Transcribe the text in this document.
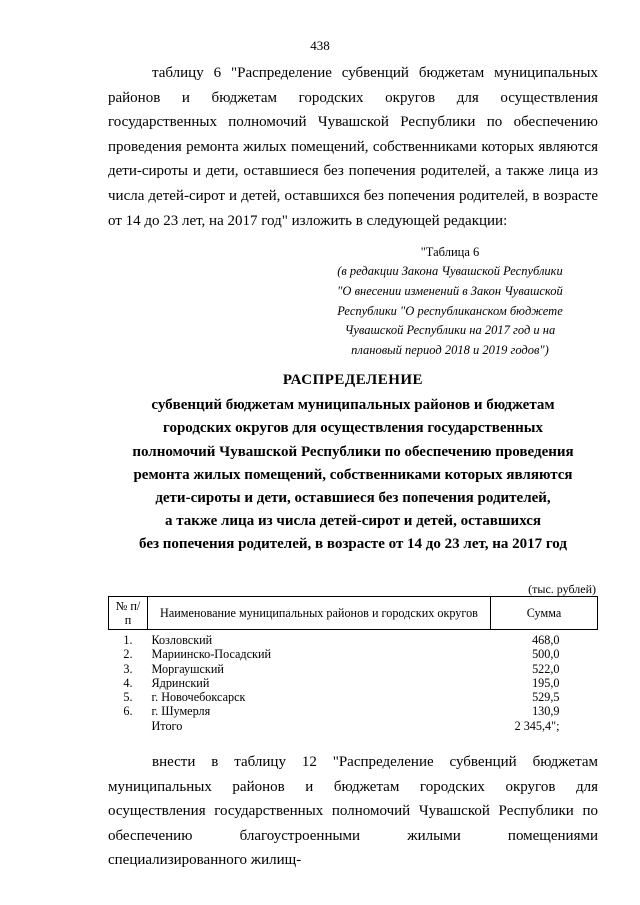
438
таблицу 6 "Распределение субвенций бюджетам муниципальных районов и бюджетам городских округов для осуществления государственных полномочий Чувашской Республики по обеспечению проведения ремонта жилых помещений, собственниками которых являются дети-сироты и дети, оставшиеся без попечения родителей, а также лица из числа детей-сирот и детей, оставшихся без попечения родителей, в возрасте от 14 до 23 лет, на 2017 год" изложить в следующей редакции:
"Таблица 6
(в редакции Закона Чувашской Республики
"О внесении изменений в Закон Чувашской
Республики "О республиканском бюджете
Чувашской Республики на 2017 год и на
плановый период 2018 и 2019 годов")
РАСПРЕДЕЛЕНИЕ
субвенций бюджетам муниципальных районов и бюджетам
городских округов для осуществления государственных
полномочий Чувашской Республики по обеспечению проведения
ремонта жилых помещений, собственниками которых являются
дети-сироты и дети, оставшиеся без попечения родителей,
а также лица из числа детей-сирот и детей, оставшихся
без попечения родителей, в возрасте от 14 до 23 лет, на 2017 год
(тыс. рублей)
№ п/п	Наименование муниципальных районов и городских округов	Сумма
1.	Козловский	468,0
2.	Мариинско-Посадский	500,0
3.	Моргаушский	522,0
4.	Ядринский	195,0
5.	г. Новочебоксарск	529,5
6.	г. Шумерля	130,9
	Итого	2 345,4";
внести в таблицу 12 "Распределение субвенций бюджетам муниципальных районов и бюджетам городских округов для осуществления государственных полномочий Чувашской Республики по обеспечению благоустроенными жилыми помещениями специализированного жилищ-
